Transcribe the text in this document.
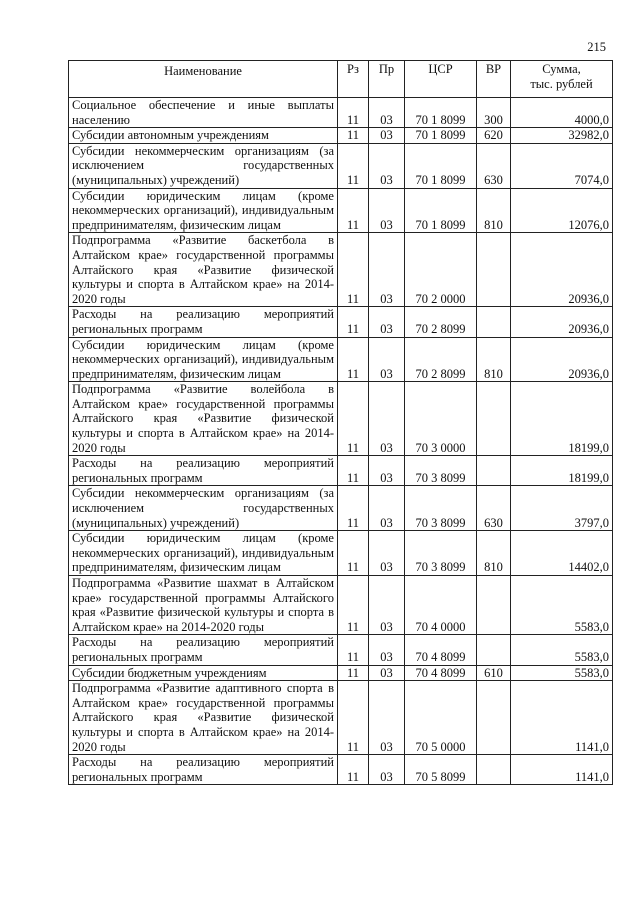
215
Наименование	Рз	Пр	ЦСР	ВР	Сумма,
тыс. рублей

Социальное обеспечение и иные выплаты населению	11	03	70 1 8099	300	4000,0
Субсидии автономным учреждениям	11	03	70 1 8099	620	32982,0
Субсидии некоммерческим организациям (за исключением государственных (муниципальных) учреждений)	11	03	70 1 8099	630	7074,0
Субсидии юридическим лицам (кроме некоммерческих организаций), индивидуальным предпринимателям, физическим лицам	11	03	70 1 8099	810	12076,0
Подпрограмма «Развитие баскетбола в Алтайском крае» государственной программы Алтайского края «Развитие физической культуры и спорта в Алтайском крае» на 2014-2020 годы	11	03	70 2 0000		20936,0
Расходы на реализацию мероприятий региональных программ	11	03	70 2 8099		20936,0
Субсидии юридическим лицам (кроме некоммерческих организаций), индивидуальным предпринимателям, физическим лицам	11	03	70 2 8099	810	20936,0
Подпрограмма «Развитие волейбола в Алтайском крае» государственной программы Алтайского края «Развитие физической культуры и спорта в Алтайском крае» на 2014-2020 годы	11	03	70 3 0000		18199,0
Расходы на реализацию мероприятий региональных программ	11	03	70 3 8099		18199,0
Субсидии некоммерческим организациям (за исключением государственных (муниципальных) учреждений)	11	03	70 3 8099	630	3797,0
Субсидии юридическим лицам (кроме некоммерческих организаций), индивидуальным предпринимателям, физическим лицам	11	03	70 3 8099	810	14402,0
Подпрограмма «Развитие шахмат в Алтайском крае» государственной программы Алтайского края «Развитие физической культуры и спорта в Алтайском крае» на 2014-2020 годы	11	03	70 4 0000		5583,0
Расходы на реализацию мероприятий региональных программ	11	03	70 4 8099		5583,0
Субсидии бюджетным учреждениям	11	03	70 4 8099	610	5583,0
Подпрограмма «Развитие адаптивного спорта в Алтайском крае» государственной программы Алтайского края «Развитие физической культуры и спорта в Алтайском крае» на 2014-2020 годы	11	03	70 5 0000		1141,0
Расходы на реализацию мероприятий региональных программ	11	03	70 5 8099		1141,0
